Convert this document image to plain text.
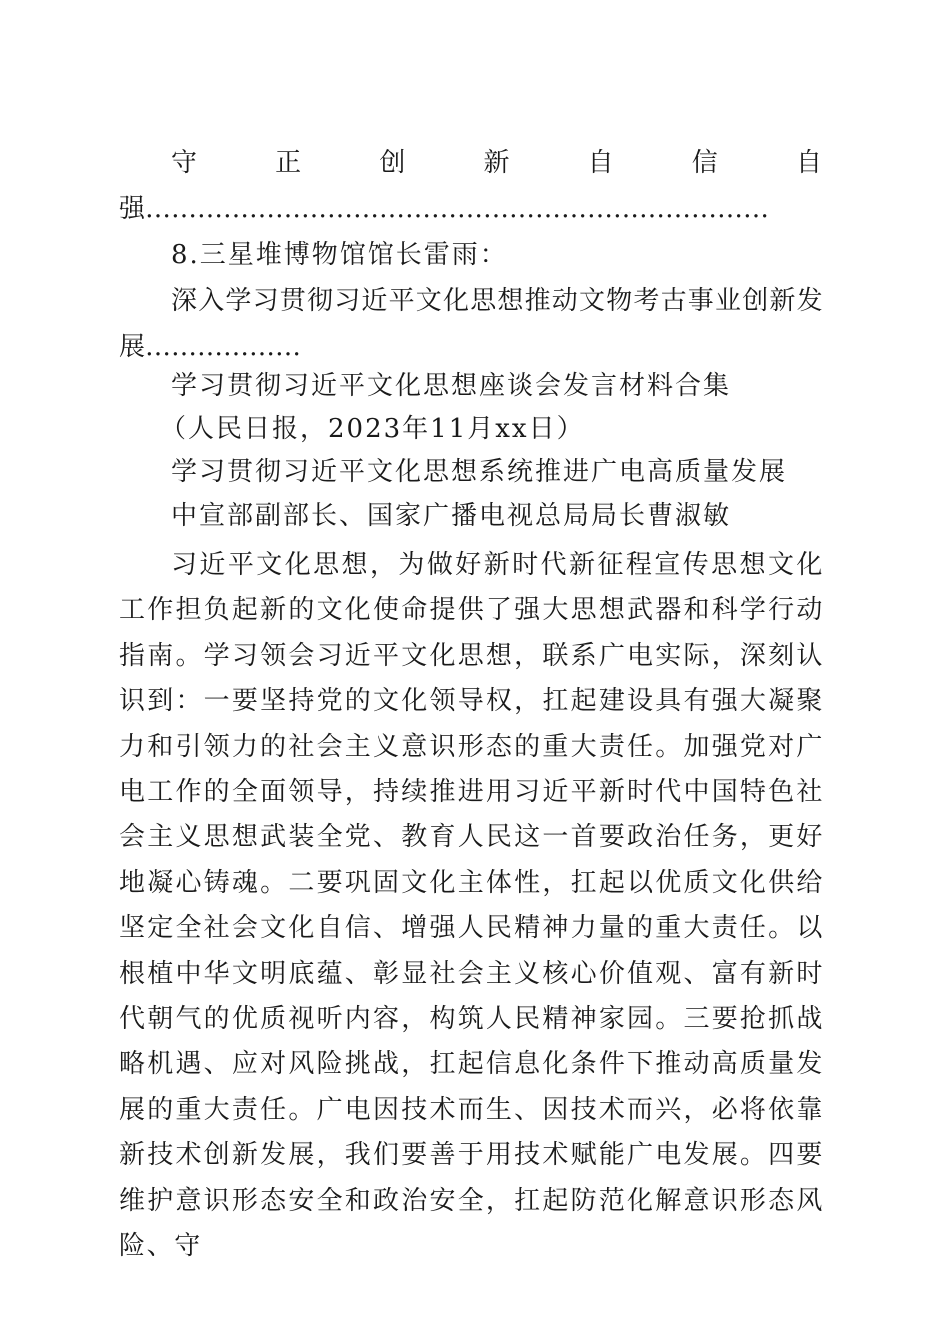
守	正	创	新	自	信	自
强………………………………………………………………
8.三星堆博物馆馆长雷雨：
深入学习贯彻习近平文化思想推动文物考古事业创新发
展………………
学习贯彻习近平文化思想座谈会发言材料合集
（人民日报，2023年11月xx日）
学习贯彻习近平文化思想系统推进广电高质量发展
中宣部副部长、国家广播电视总局局长曹淑敏
习近平文化思想，为做好新时代新征程宣传思想文化工作担负起新的文化使命提供了强大思想武器和科学行动指南。学习领会习近平文化思想，联系广电实际，深刻认识到：一要坚持党的文化领导权，扛起建设具有强大凝聚力和引领力的社会主义意识形态的重大责任。加强党对广电工作的全面领导，持续推进用习近平新时代中国特色社会主义思想武装全党、教育人民这一首要政治任务，更好地凝心铸魂。二要巩固文化主体性，扛起以优质文化供给坚定全社会文化自信、增强人民精神力量的重大责任。以根植中华文明底蕴、彰显社会主义核心价值观、富有新时代朝气的优质视听内容，构筑人民精神家园。三要抢抓战略机遇、应对风险挑战，扛起信息化条件下推动高质量发展的重大责任。广电因技术而生、因技术而兴，必将依靠新技术创新发展，我们要善于用技术赋能广电发展。四要维护意识形态安全和政治安全，扛起防范化解意识形态风险、守
